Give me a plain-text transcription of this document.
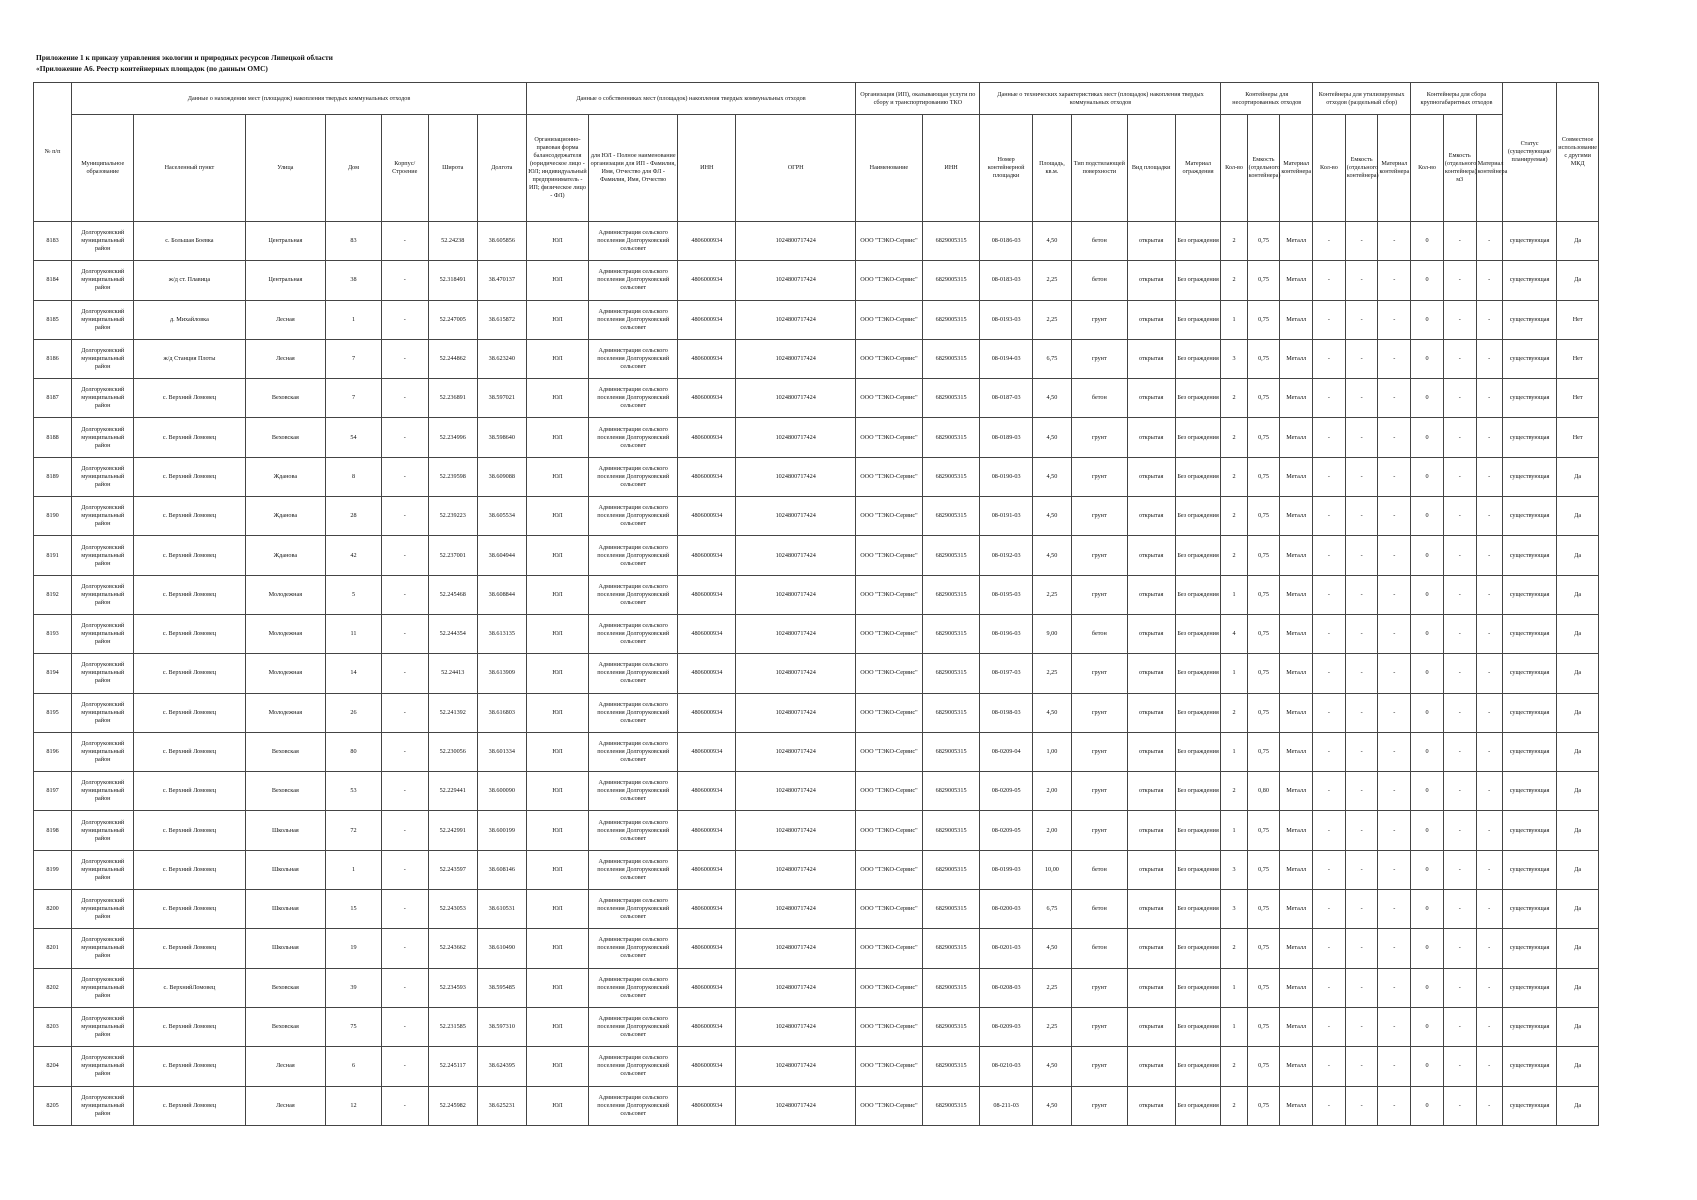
Приложение 1 к приказу управления экологии и природных ресурсов Липецкой области
«Приложение А6. Реестр контейнерных площадок (по данным ОМС)
№ п/п	Данные о нахождении мест (площадок) накопления твердых коммунальных отходов							Данные о собственниках мест (площадок) накопления твердых коммунальных отходов				Организация (ИП), оказывающая услуги по сбору и транспортированию ТКО		Данные о технических характеристиках мест (площадок) накопления твердых коммунальных отходов					Контейнеры для несортированных отходов			Контейнеры для утилизируемых отходов (раздельный сбор)			Контейнеры для сбора крупногабаритных отходов			Статус (существующая/ планируемая)	Совместное использование с другими МКД
	Муниципальное образование	Населенный пункт	Улица	Дом	Корпус/Строение	Широта	Долгота	Организационно-правовая форма балансодержателя (юридическое лицо - ЮЛ; индивидуальный предприниматель - ИП; физическое лицо - ФЛ)	для ЮЛ - Полное наименование организации для ИП - Фамилия, Имя, Отчество для ФЛ - Фамилия, Имя, Отчество	ИНН	ОГРН	Наименование	ИНН	Номер контейнерной площадки	Площадь, кв.м.	Тип подстилающей поверхности	Вид площадки	Материал ограждения	Кол-во	Емкость (отдельного контейнера)	Материал контейнера	Кол-во	Емкость (отдельного контейнера)	Материал контейнера	Кол-во	Емкость (отдельного контейнера) м3	Материал контейнера		
8183	Долгоруковский муниципальный район	с. Большая Боевка	Центральная	83	-	52.24238	38.605856	ЮЛ	Администрация сельского поселения Долгоруковский сельсовет	4806000934	1024800717424	ООО "ТЭКО-Сервис"	6829005315	08-0186-03	4,50	бетон	открытая	Без ограждения	2	0,75	Металл	-	-	-	0	-	-	существующая	Да
8184	Долгоруковский муниципальный район	ж/д ст. Плавица	Центральная	38	-	52.318491	38.470137	ЮЛ	Администрация сельского поселения Долгоруковский сельсовет	4806000934	1024800717424	ООО "ТЭКО-Сервис"	6829005315	08-0183-03	2,25	бетон	открытая	Без ограждения	2	0,75	Металл	-	-	-	0	-	-	существующая	Да
8185	Долгоруковский муниципальный район	д. Михайловка	Лесная	1	-	52.247005	38.615872	ЮЛ	Администрация сельского поселения Долгоруковский сельсовет	4806000934	1024800717424	ООО "ТЭКО-Сервис"	6829005315	08-0193-03	2,25	грунт	открытая	Без ограждения	1	0,75	Металл	-	-	-	0	-	-	существующая	Нет
8186	Долгоруковский муниципальный район	ж/д Станция Плоты	Лесная	7	-	52.244862	38.623240	ЮЛ	Администрация сельского поселения Долгоруковский сельсовет	4806000934	1024800717424	ООО "ТЭКО-Сервис"	6829005315	08-0194-03	6,75	грунт	открытая	Без ограждения	3	0,75	Металл	-	-	-	0	-	-	существующая	Нет
8187	Долгоруковский муниципальный район	с. Верхний Ломовец	Веховская	7	-	52.236891	38.597021	ЮЛ	Администрация сельского поселения Долгоруковский сельсовет	4806000934	1024800717424	ООО "ТЭКО-Сервис"	6829005315	08-0187-03	4,50	бетон	открытая	Без ограждения	2	0,75	Металл	-	-	-	0	-	-	существующая	Нет
8188	Долгоруковский муниципальный район	с. Верхний Ломовец	Веховская	54	-	52.234996	38.598640	ЮЛ	Администрация сельского поселения Долгоруковский сельсовет	4806000934	1024800717424	ООО "ТЭКО-Сервис"	6829005315	08-0189-03	4,50	грунт	открытая	Без ограждения	2	0,75	Металл	-	-	-	0	-	-	существующая	Нет
8189	Долгоруковский муниципальный район	с. Верхний Ломовец	Жданова	8	-	52.239598	38.609088	ЮЛ	Администрация сельского поселения Долгоруковский сельсовет	4806000934	1024800717424	ООО "ТЭКО-Сервис"	6829005315	08-0190-03	4,50	грунт	открытая	Без ограждения	2	0,75	Металл	-	-	-	0	-	-	существующая	Да
8190	Долгоруковский муниципальный район	с. Верхний Ломовец	Жданова	28	-	52.239223	38.605534	ЮЛ	Администрация сельского поселения Долгоруковский сельсовет	4806000934	1024800717424	ООО "ТЭКО-Сервис"	6829005315	08-0191-03	4,50	грунт	открытая	Без ограждения	2	0,75	Металл	-	-	-	0	-	-	существующая	Да
8191	Долгоруковский муниципальный район	с. Верхний Ломовец	Жданова	42	-	52.237001	38.604944	ЮЛ	Администрация сельского поселения Долгоруковский сельсовет	4806000934	1024800717424	ООО "ТЭКО-Сервис"	6829005315	08-0192-03	4,50	грунт	открытая	Без ограждения	2	0,75	Металл	-	-	-	0	-	-	существующая	Да
8192	Долгоруковский муниципальный район	с. Верхний Ломовец	Молодежная	5	-	52.245468	38.608844	ЮЛ	Администрация сельского поселения Долгоруковский сельсовет	4806000934	1024800717424	ООО "ТЭКО-Сервис"	6829005315	08-0195-03	2,25	грунт	открытая	Без ограждения	1	0,75	Металл	-	-	-	0	-	-	существующая	Да
8193	Долгоруковский муниципальный район	с. Верхний Ломовец	Молодежная	11	-	52.244354	38.613135	ЮЛ	Администрация сельского поселения Долгоруковский сельсовет	4806000934	1024800717424	ООО "ТЭКО-Сервис"	6829005315	08-0196-03	9,00	бетон	открытая	Без ограждения	4	0,75	Металл	-	-	-	0	-	-	существующая	Да
8194	Долгоруковский муниципальный район	с. Верхний Ломовец	Молодежная	14	-	52.24413	38.613909	ЮЛ	Администрация сельского поселения Долгоруковский сельсовет	4806000934	1024800717424	ООО "ТЭКО-Сервис"	6829005315	08-0197-03	2,25	грунт	открытая	Без ограждения	1	0,75	Металл	-	-	-	0	-	-	существующая	Да
8195	Долгоруковский муниципальный район	с. Верхний Ломовец	Молодежная	26	-	52.241392	38.616803	ЮЛ	Администрация сельского поселения Долгоруковский сельсовет	4806000934	1024800717424	ООО "ТЭКО-Сервис"	6829005315	08-0198-03	4,50	грунт	открытая	Без ограждения	2	0,75	Металл	-	-	-	0	-	-	существующая	Да
8196	Долгоруковский муниципальный район	с. Верхний Ломовец	Веховская	80	-	52.230056	38.601334	ЮЛ	Администрация сельского поселения Долгоруковский сельсовет	4806000934	1024800717424	ООО "ТЭКО-Сервис"	6829005315	08-0209-04	1,00	грунт	открытая	Без ограждения	1	0,75	Металл	-	-	-	0	-	-	существующая	Да
8197	Долгоруковский муниципальный район	с. Верхний Ломовец	Веховская	53	-	52.229441	38.600090	ЮЛ	Администрация сельского поселения Долгоруковский сельсовет	4806000934	1024800717424	ООО "ТЭКО-Сервис"	6829005315	08-0209-05	2,00	грунт	открытая	Без ограждения	2	0,80	Металл	-	-	-	0	-	-	существующая	Да
8198	Долгоруковский муниципальный район	с. Верхний Ломовец	Школьная	72	-	52.242991	38.600199	ЮЛ	Администрация сельского поселения Долгоруковский сельсовет	4806000934	1024800717424	ООО "ТЭКО-Сервис"	6829005315	08-0209-05	2,00	грунт	открытая	Без ограждения	1	0,75	Металл	-	-	-	0	-	-	существующая	Да
8199	Долгоруковский муниципальный район	с. Верхний Ломовец	Школьная	1	-	52.243597	38.608146	ЮЛ	Администрация сельского поселения Долгоруковский сельсовет	4806000934	1024800717424	ООО "ТЭКО-Сервис"	6829005315	08-0199-03	10,00	бетон	открытая	Без ограждения	3	0,75	Металл	-	-	-	0	-	-	существующая	Да
8200	Долгоруковский муниципальный район	с. Верхний Ломовец	Школьная	15	-	52.243053	38.610531	ЮЛ	Администрация сельского поселения Долгоруковский сельсовет	4806000934	1024800717424	ООО "ТЭКО-Сервис"	6829005315	08-0200-03	6,75	бетон	открытая	Без ограждения	3	0,75	Металл	-	-	-	0	-	-	существующая	Да
8201	Долгоруковский муниципальный район	с. Верхний Ломовец	Школьная	19	-	52.243662	38.610490	ЮЛ	Администрация сельского поселения Долгоруковский сельсовет	4806000934	1024800717424	ООО "ТЭКО-Сервис"	6829005315	08-0201-03	4,50	бетон	открытая	Без ограждения	2	0,75	Металл	-	-	-	0	-	-	существующая	Да
8202	Долгоруковский муниципальный район	с. ВерхнийЛомовец	Веховская	39	-	52.234593	38.595485	ЮЛ	Администрация сельского поселения Долгоруковский сельсовет	4806000934	1024800717424	ООО "ТЭКО-Сервис"	6829005315	08-0208-03	2,25	грунт	открытая	Без ограждения	1	0,75	Металл	-	-	-	0	-	-	существующая	Да
8203	Долгоруковский муниципальный район	с. Верхний Ломовец	Веховская	75	-	52.231585	38.597310	ЮЛ	Администрация сельского поселения Долгоруковский сельсовет	4806000934	1024800717424	ООО "ТЭКО-Сервис"	6829005315	08-0209-03	2,25	грунт	открытая	Без ограждения	1	0,75	Металл	-	-	-	0	-	-	существующая	Да
8204	Долгоруковский муниципальный район	с. Верхний Ломовец	Лесная	6	-	52.245117	38.624395	ЮЛ	Администрация сельского поселения Долгоруковский сельсовет	4806000934	1024800717424	ООО "ТЭКО-Сервис"	6829005315	08-0210-03	4,50	грунт	открытая	Без ограждения	2	0,75	Металл	-	-	-	0	-	-	существующая	Да
8205	Долгоруковский муниципальный район	с. Верхний Ломовец	Лесная	12	-	52.245982	38.625231	ЮЛ	Администрация сельского поселения Долгоруковский сельсовет	4806000934	1024800717424	ООО "ТЭКО-Сервис"	6829005315	08-211-03	4,50	грунт	открытая	Без ограждения	2	0,75	Металл	-	-	-	0	-	-	существующая	Да
